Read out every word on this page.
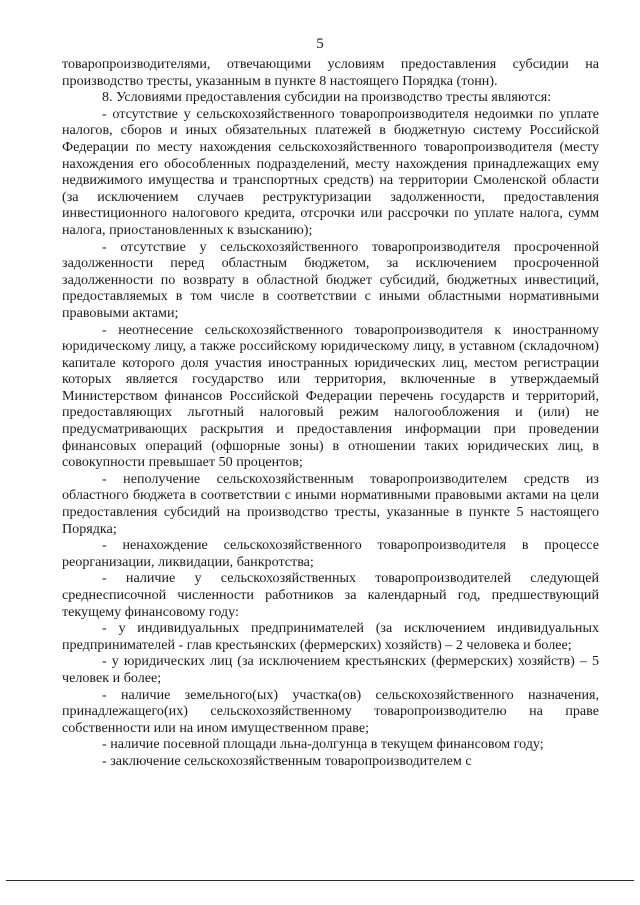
5

товаропроизводителями, отвечающими условиям предоставления субсидии на производство тресты, указанным в пункте 8 настоящего Порядка (тонн).

8. Условиями предоставления субсидии на производство тресты являются:

- отсутствие у сельскохозяйственного товаропроизводителя недоимки по уплате налогов, сборов и иных обязательных платежей в бюджетную систему Российской Федерации по месту нахождения сельскохозяйственного товаропроизводителя (месту нахождения его обособленных подразделений, месту нахождения принадлежащих ему недвижимого имущества и транспортных средств) на территории Смоленской области (за исключением случаев реструктуризации задолженности, предоставления инвестиционного налогового кредита, отсрочки или рассрочки по уплате налога, сумм налога, приостановленных к взысканию);

- отсутствие у сельскохозяйственного товаропроизводителя просроченной задолженности перед областным бюджетом, за исключением просроченной задолженности по возврату в областной бюджет субсидий, бюджетных инвестиций, предоставляемых в том числе в соответствии с иными областными нормативными правовыми актами;

- неотнесение сельскохозяйственного товаропроизводителя к иностранному юридическому лицу, а также российскому юридическому лицу, в уставном (складочном) капитале которого доля участия иностранных юридических лиц, местом регистрации которых является государство или территория, включенные в утверждаемый Министерством финансов Российской Федерации перечень государств и территорий, предоставляющих льготный налоговый режим налогообложения и (или) не предусматривающих раскрытия и предоставления информации при проведении финансовых операций (офшорные зоны) в отношении таких юридических лиц, в совокупности превышает 50 процентов;

- неполучение сельскохозяйственным товаропроизводителем средств из областного бюджета в соответствии с иными нормативными правовыми актами на цели предоставления субсидий на производство тресты, указанные в пункте 5 настоящего Порядка;

- ненахождение сельскохозяйственного товаропроизводителя в процессе реорганизации, ликвидации, банкротства;

- наличие у сельскохозяйственных товаропроизводителей следующей среднесписочной численности работников за календарный год, предшествующий текущему финансовому году:

- у индивидуальных предпринимателей (за исключением индивидуальных предпринимателей - глав крестьянских (фермерских) хозяйств) – 2 человека и более;

- у юридических лиц (за исключением крестьянских (фермерских) хозяйств) – 5 человек и более;

- наличие земельного(ых) участка(ов) сельскохозяйственного назначения, принадлежащего(их) сельскохозяйственному товаропроизводителю на праве собственности или на ином имущественном праве;

- наличие посевной площади льна-долгунца в текущем финансовом году;

- заключение сельскохозяйственным товаропроизводителем с
